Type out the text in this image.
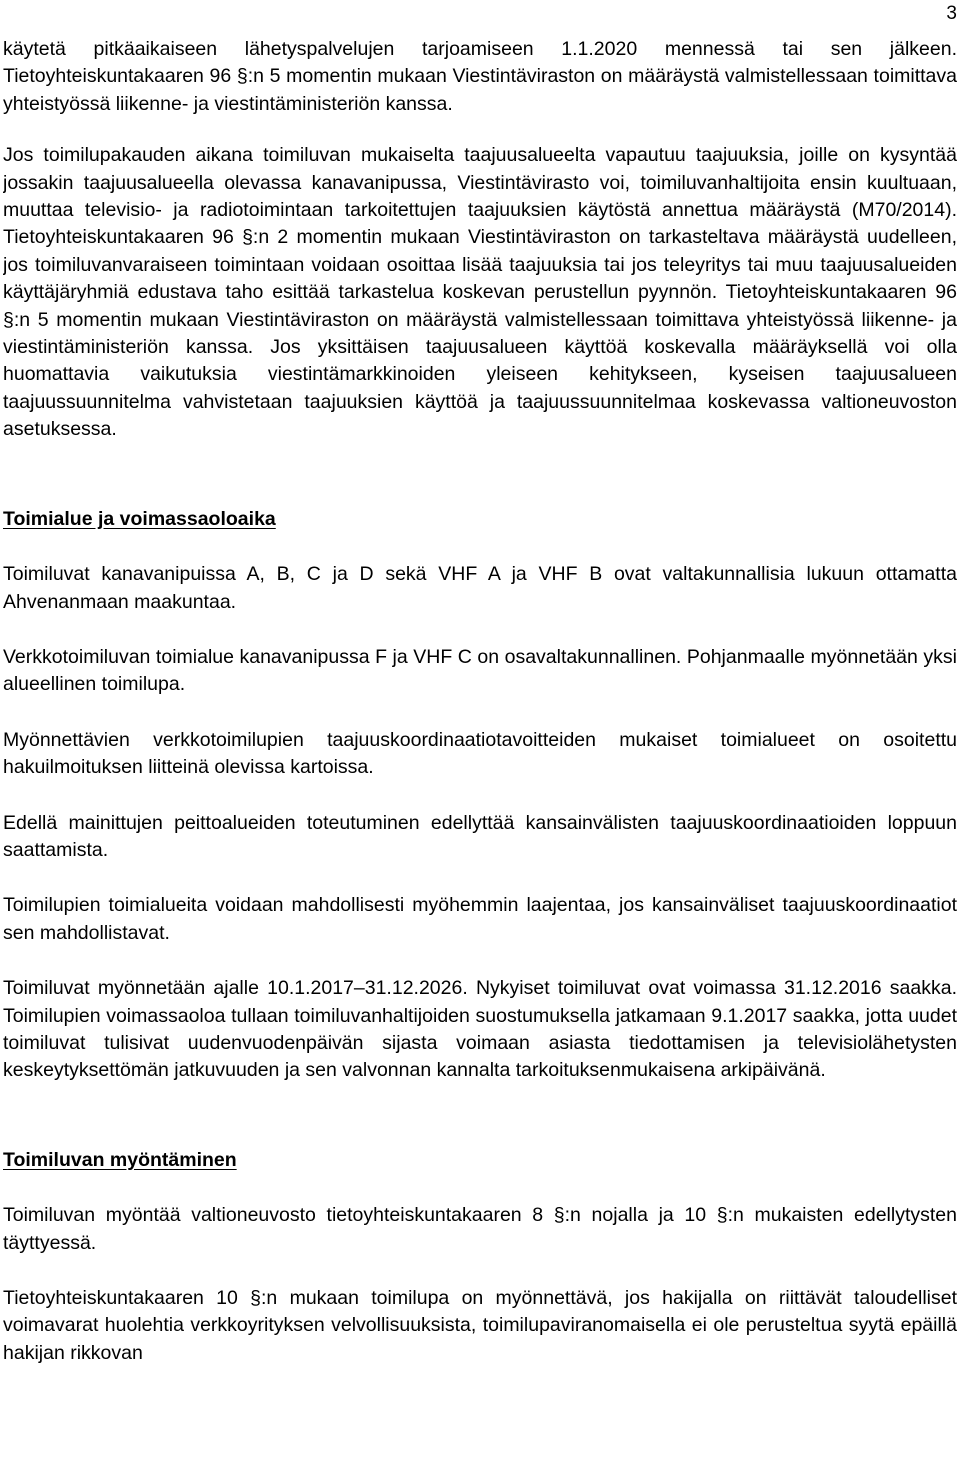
3

käytetä pitkäaikaiseen lähetyspalvelujen tarjoamiseen 1.1.2020 mennessä tai sen jälkeen. Tietoyhteiskuntakaaren 96 §:n 5 momentin mukaan Viestintäviraston on määräystä valmistellessaan toimittava yhteistyössä liikenne- ja viestintäministeriön kanssa.

Jos toimilupakauden aikana toimiluvan mukaiselta taajuusalueelta vapautuu taajuuksia, joille on kysyntää jossakin taajuusalueella olevassa kanavanipussa, Viestintävirasto voi, toimiluvanhaltijoita ensin kuultuaan, muuttaa televisio- ja radiotoimintaan tarkoitettujen taajuuksien käytöstä annettua määräystä (M70/2014). Tietoyhteiskuntakaaren 96 §:n 2 momentin mukaan Viestintäviraston on tarkasteltava määräystä uudelleen, jos toimiluvanvaraiseen toimintaan voidaan osoittaa lisää taajuuksia tai jos teleyritys tai muu taajuusalueiden käyttäjäryhmiä edustava taho esittää tarkastelua koskevan perustellun pyynnön. Tietoyhteiskuntakaaren 96 §:n 5 momentin mukaan Viestintäviraston on määräystä valmistellessaan toimittava yhteistyössä liikenne- ja viestintäministeriön kanssa. Jos yksittäisen taajuusalueen käyttöä koskevalla määräyksellä voi olla huomattavia vaikutuksia viestintämarkkinoiden yleiseen kehitykseen, kyseisen taajuusalueen taajuussuunnitelma vahvistetaan taajuuksien käyttöä ja taajuussuunnitelmaa koskevassa valtioneuvoston asetuksessa.

Toimialue ja voimassaoloaika

Toimiluvat kanavanipuissa A, B, C ja D sekä VHF A ja VHF B ovat valtakunnallisia lukuun ottamatta Ahvenanmaan maakuntaa.

Verkkotoimiluvan toimialue kanavanipussa F ja VHF C on osavaltakunnallinen. Pohjanmaalle myönnetään yksi alueellinen toimilupa.

Myönnettävien verkkotoimilupien taajuuskoordinaatiotavoitteiden mukaiset toimialueet on osoitettu hakuilmoituksen liitteinä olevissa kartoissa.

Edellä mainittujen peittoalueiden toteutuminen edellyttää kansainvälisten taajuuskoordinaatioiden loppuun saattamista.

Toimilupien toimialueita voidaan mahdollisesti myöhemmin laajentaa, jos kansainväliset taajuuskoordinaatiot sen mahdollistavat.

Toimiluvat myönnetään ajalle 10.1.2017–31.12.2026. Nykyiset toimiluvat ovat voimassa 31.12.2016 saakka. Toimilupien voimassaoloa tullaan toimiluvanhaltijoiden suostumuksella jatkamaan 9.1.2017 saakka, jotta uudet toimiluvat tulisivat uudenvuodenpäivän sijasta voimaan asiasta tiedottamisen ja televisiolähetysten keskeytyksettömän jatkuvuuden ja sen valvonnan kannalta tarkoituksenmukaisena arkipäivänä.

Toimiluvan myöntäminen

Toimiluvan myöntää valtioneuvosto tietoyhteiskuntakaaren 8 §:n nojalla ja 10 §:n mukaisten edellytysten täyttyessä.

Tietoyhteiskuntakaaren 10 §:n mukaan toimilupa on myönnettävä, jos hakijalla on riittävät taloudelliset voimavarat huolehtia verkkoyrityksen velvollisuuksista, toimilupaviranomaisella ei ole perusteltua syytä epäillä hakijan rikkovan
